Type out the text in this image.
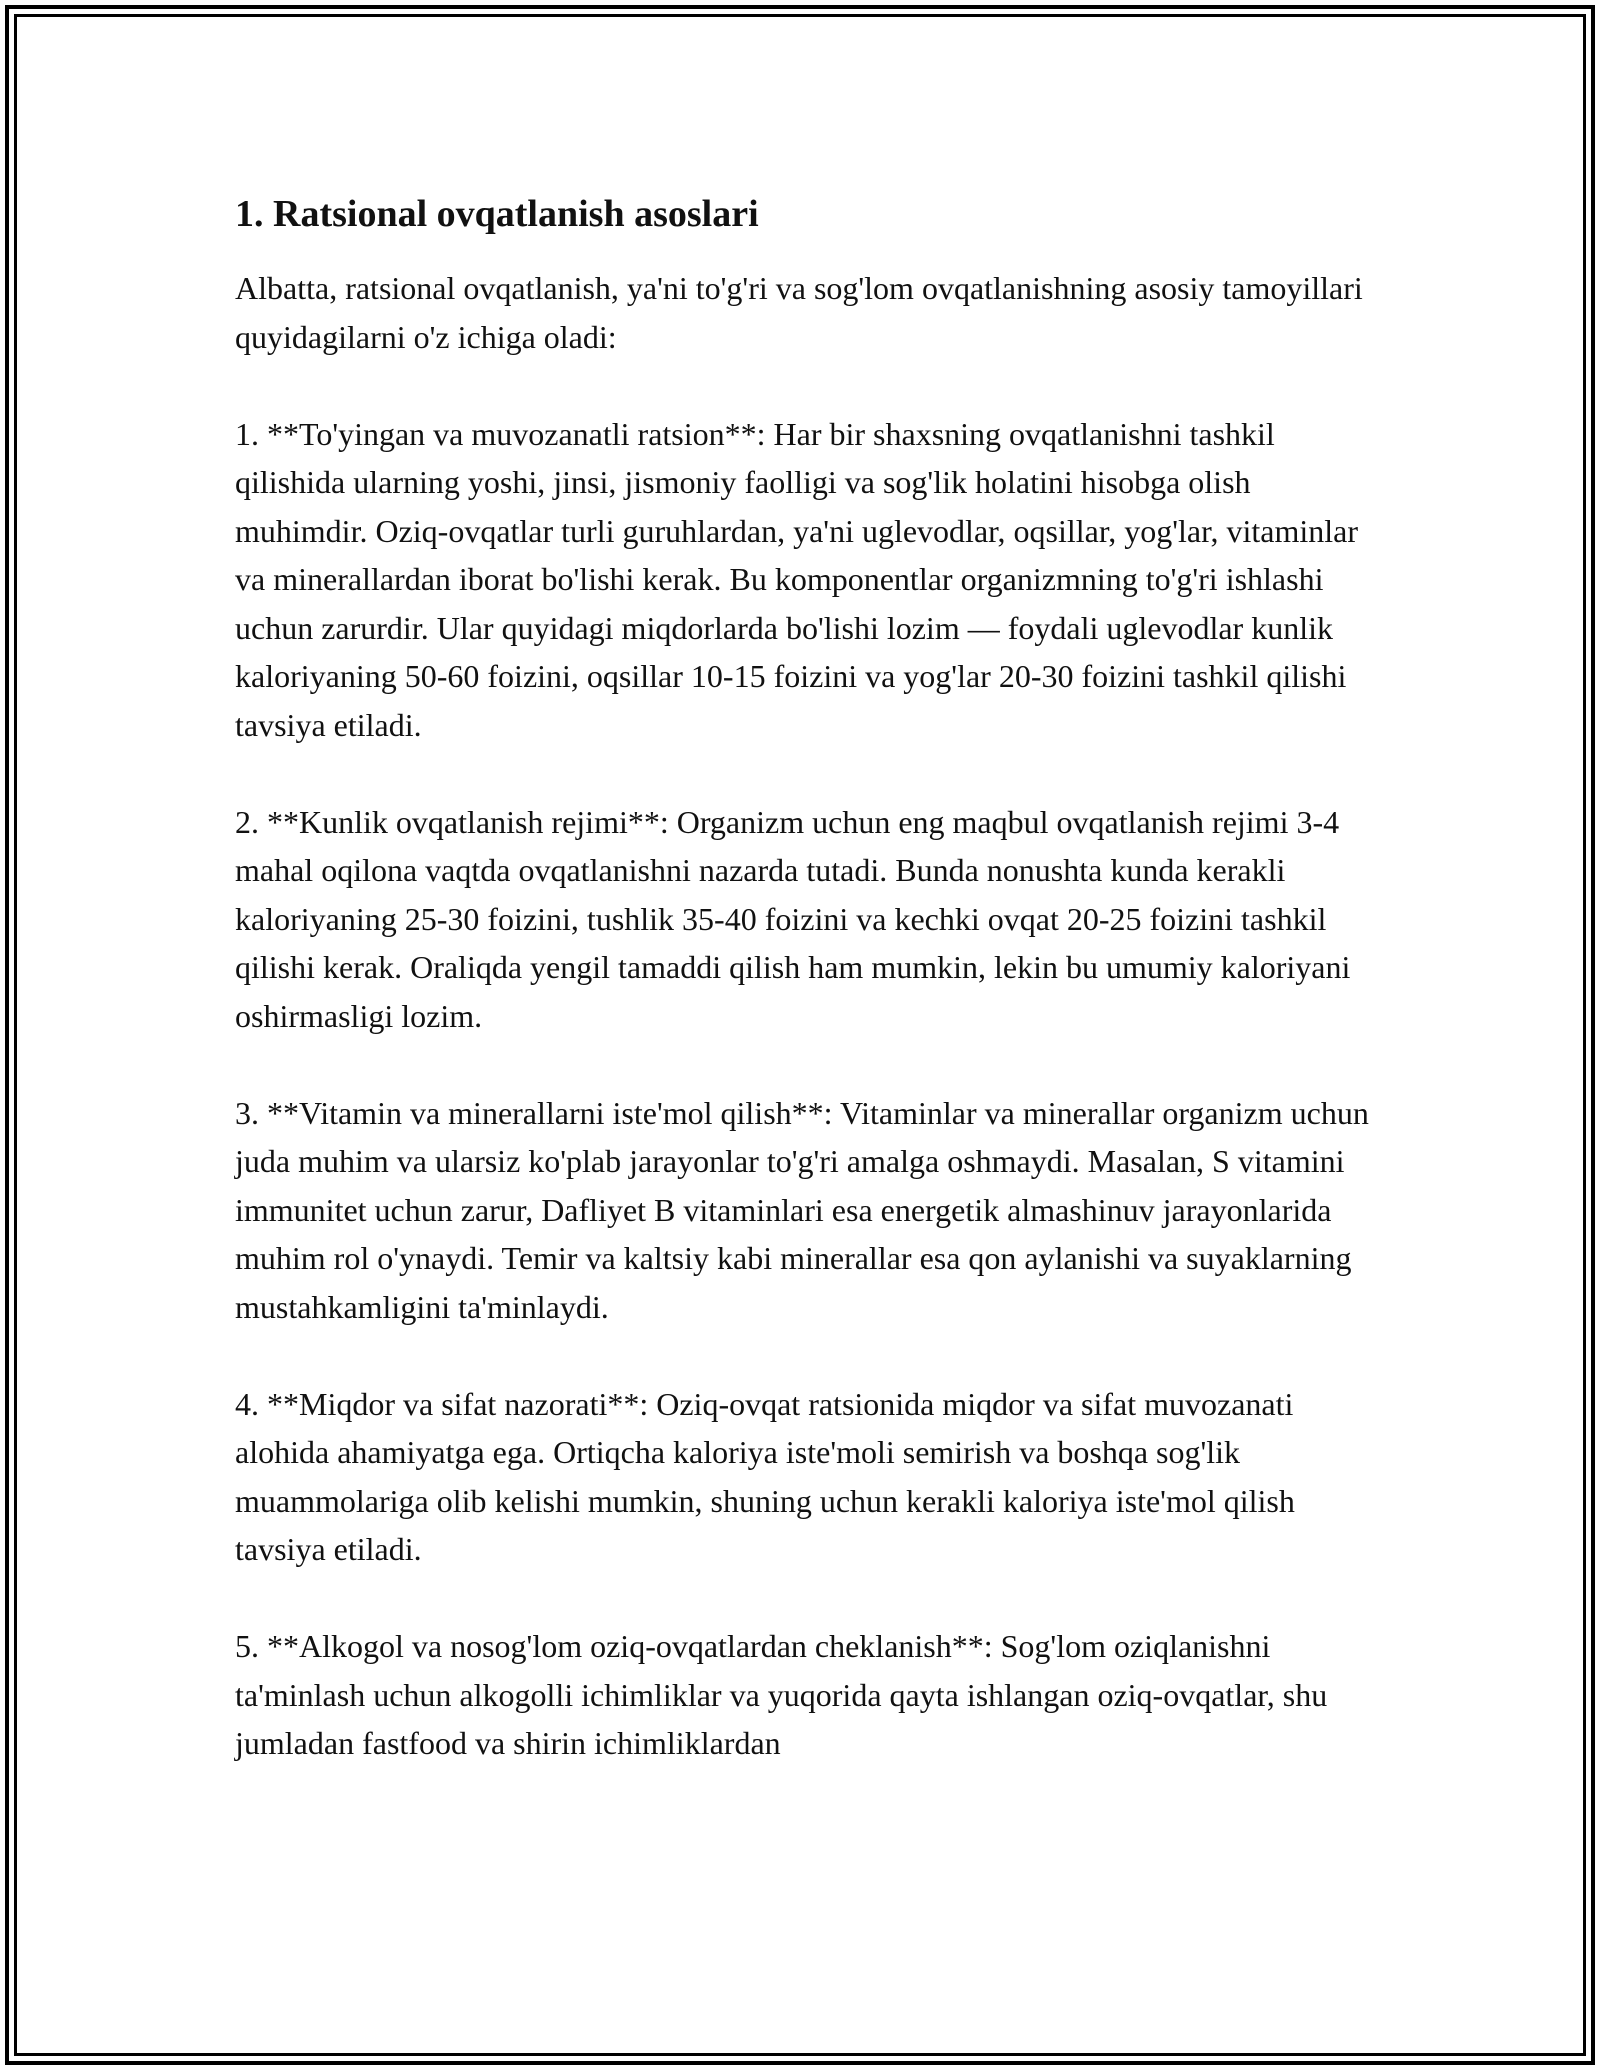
1. Ratsional ovqatlanish asoslari

Albatta, ratsional ovqatlanish, ya'ni to'g'ri va sog'lom ovqatlanishning asosiy tamoyillari quyidagilarni o'z ichiga oladi:

1. **To'yingan va muvozanatli ratsion**: Har bir shaxsning ovqatlanishni tashkil qilishida ularning yoshi, jinsi, jismoniy faolligi va sog'lik holatini hisobga olish muhimdir. Oziq-ovqatlar turli guruhlardan, ya'ni uglevodlar, oqsillar, yog'lar, vitaminlar va minerallardan iborat bo'lishi kerak. Bu komponentlar organizmning to'g'ri ishlashi uchun zarurdir. Ular quyidagi miqdorlarda bo'lishi lozim — foydali uglevodlar kunlik kaloriyaning 50-60 foizini, oqsillar 10-15 foizini va yog'lar 20-30 foizini tashkil qilishi tavsiya etiladi.

2. **Kunlik ovqatlanish rejimi**: Organizm uchun eng maqbul ovqatlanish rejimi 3-4 mahal oqilona vaqtda ovqatlanishni nazarda tutadi. Bunda nonushta kunda kerakli kaloriyaning 25-30 foizini, tushlik 35-40 foizini va kechki ovqat 20-25 foizini tashkil qilishi kerak. Oraliqda yengil tamaddi qilish ham mumkin, lekin bu umumiy kaloriyani oshirmasligi lozim.

3. **Vitamin va minerallarni iste'mol qilish**: Vitaminlar va minerallar organizm uchun juda muhim va ularsiz ko'plab jarayonlar to'g'ri amalga oshmaydi. Masalan, S vitamini immunitet uchun zarur, Dafliyet B vitaminlari esa energetik almashinuv jarayonlarida muhim rol o'ynaydi. Temir va kaltsiy kabi minerallar esa qon aylanishi va suyaklarning mustahkamligini ta'minlaydi.

4. **Miqdor va sifat nazorati**: Oziq-ovqat ratsionida miqdor va sifat muvozanati alohida ahamiyatga ega. Ortiqcha kaloriya iste'moli semirish va boshqa sog'lik muammolariga olib kelishi mumkin, shuning uchun kerakli kaloriya iste'mol qilish tavsiya etiladi.

5. **Alkogol va nosog'lom oziq-ovqatlardan cheklanish**: Sog'lom oziqlanishni ta'minlash uchun alkogolli ichimliklar va yuqorida qayta ishlangan oziq-ovqatlar, shu jumladan fastfood va shirin ichimliklardan
